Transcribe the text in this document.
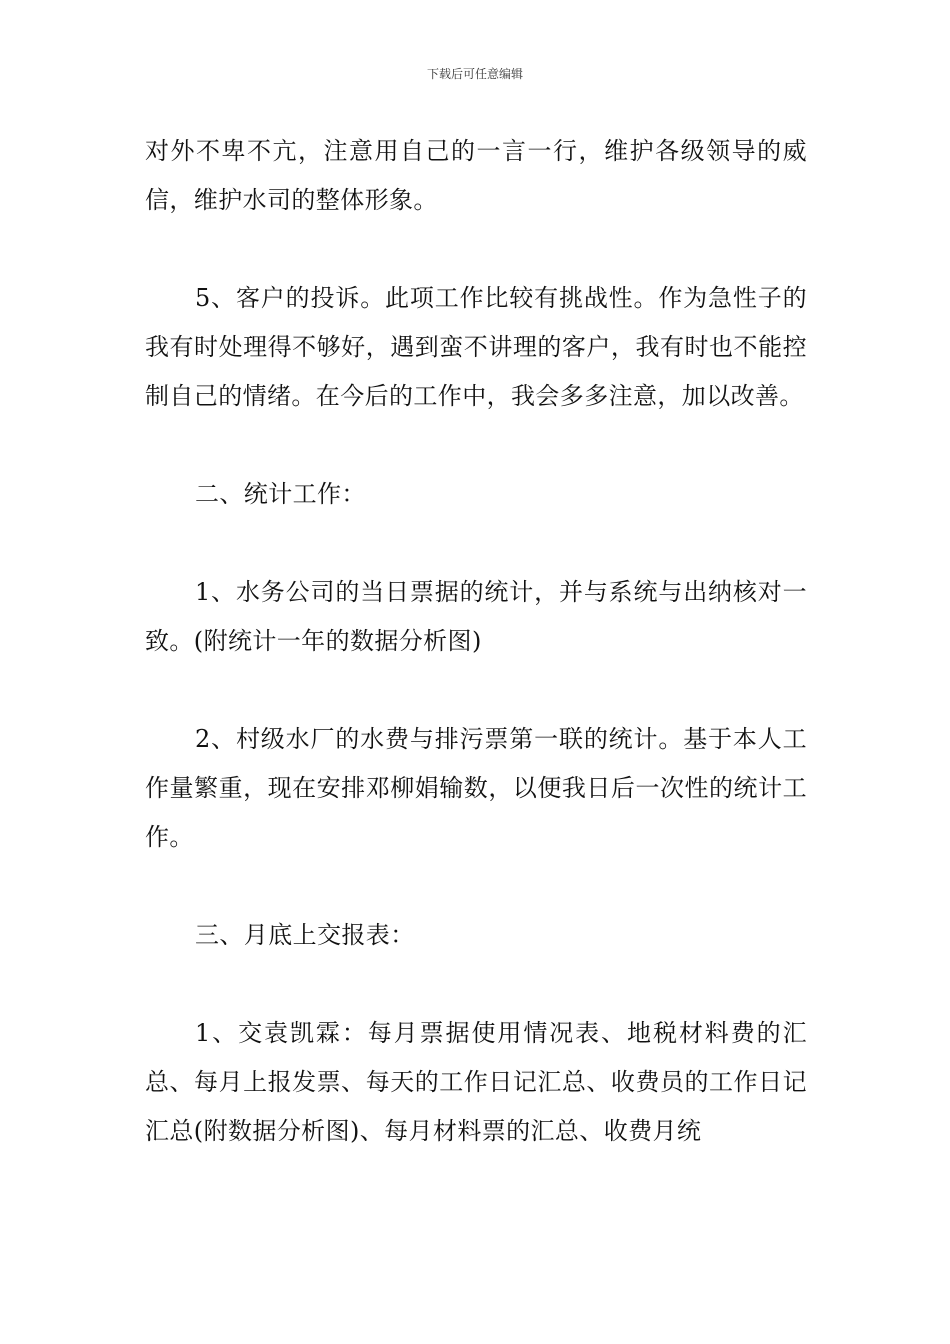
下载后可任意编辑

对外不卑不亢，注意用自己的一言一行，维护各级领导的威信，维护水司的整体形象。

5、客户的投诉。此项工作比较有挑战性。作为急性子的我有时处理得不够好，遇到蛮不讲理的客户，我有时也不能控制自己的情绪。在今后的工作中，我会多多注意，加以改善。

二、统计工作：

1、水务公司的当日票据的统计，并与系统与出纳核对一致。(附统计一年的数据分析图)

2、村级水厂的水费与排污票第一联的统计。基于本人工作量繁重，现在安排邓柳娟输数，以便我日后一次性的统计工作。

三、月底上交报表：

1、交袁凯霖：每月票据使用情况表、地税材料费的汇总、每月上报发票、每天的工作日记汇总、收费员的工作日记汇总(附数据分析图)、每月材料票的汇总、收费月统
